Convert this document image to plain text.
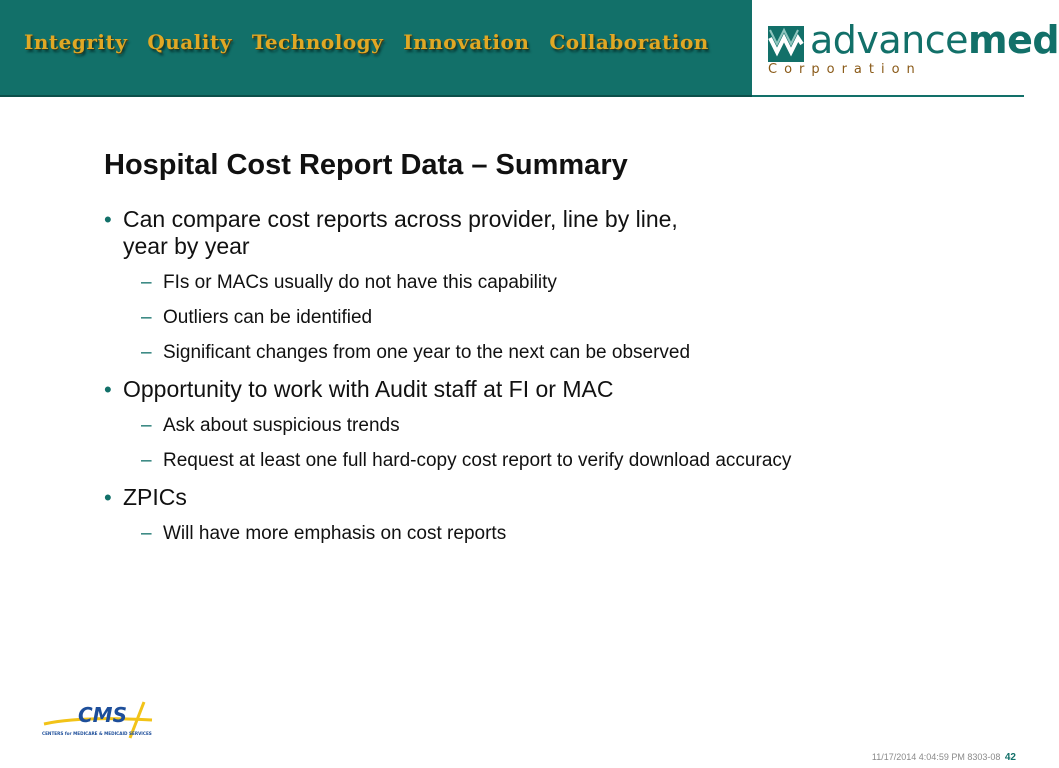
Integrity Quality Technology Innovation Collaboration	advancemed
Corporation
Hospital Cost Report Data – Summary
• Can compare cost reports across provider, line by line,
year by year
– FIs or MACs usually do not have this capability
– Outliers can be identified
– Significant changes from one year to the next can be observed
• Opportunity to work with Audit staff at FI or MAC
– Ask about suspicious trends
– Request at least one full hard-copy cost report to verify download accuracy
• ZPICs
– Will have more emphasis on cost reports
CMS
CENTERS for MEDICARE & MEDICAID SERVICES
11/17/2014 4:04:59 PM 8303-08 42
